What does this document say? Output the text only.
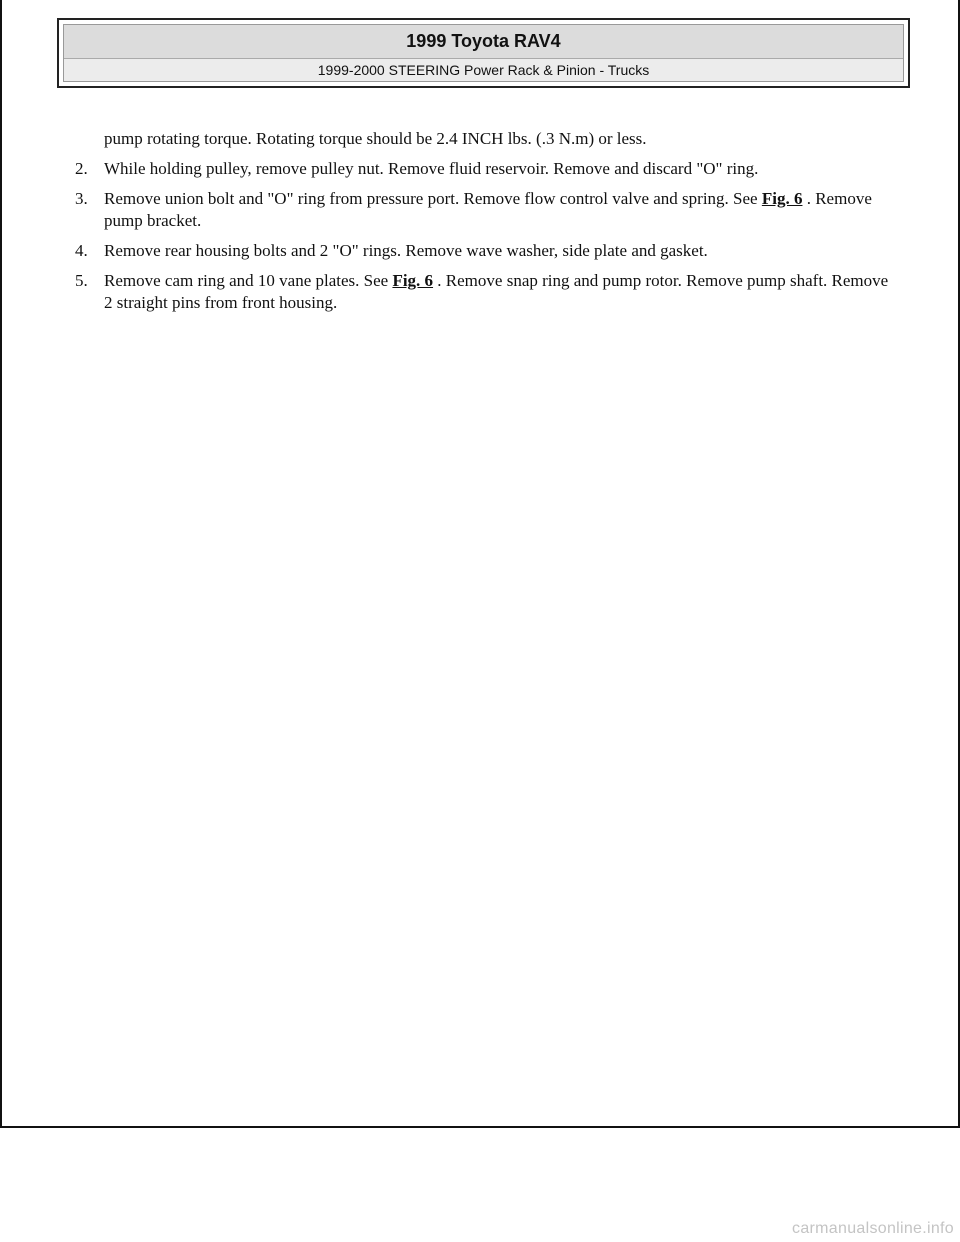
1999 Toyota RAV4
1999-2000 STEERING Power Rack & Pinion - Trucks

pump rotating torque. Rotating torque should be 2.4 INCH lbs. (.3 N.m) or less.

2. While holding pulley, remove pulley nut. Remove fluid reservoir. Remove and discard "O" ring.
3. Remove union bolt and "O" ring from pressure port. Remove flow control valve and spring. See Fig. 6 . Remove pump bracket.
4. Remove rear housing bolts and 2 "O" rings. Remove wave washer, side plate and gasket.
5. Remove cam ring and 10 vane plates. See Fig. 6 . Remove snap ring and pump rotor. Remove pump shaft. Remove 2 straight pins from front housing.
carmanualsonline.info
